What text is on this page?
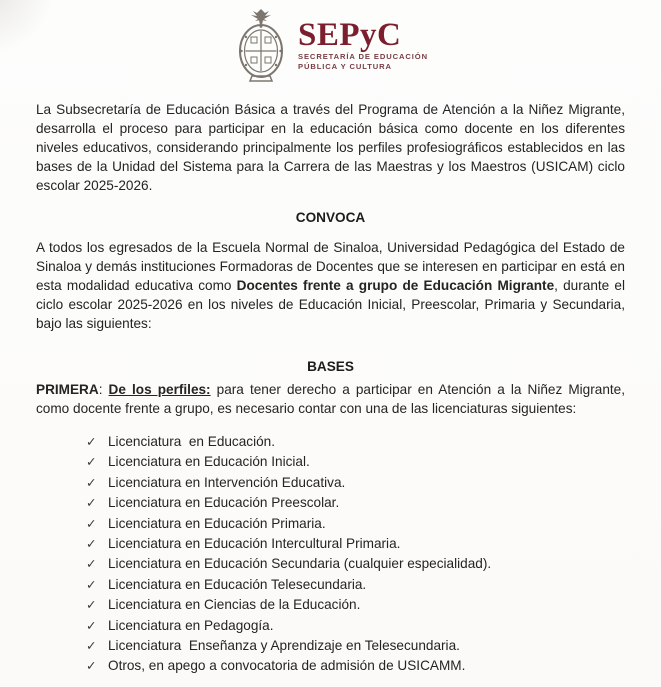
SEPyC
SECRETARÍA DE EDUCACIÓN
PÚBLICA Y CULTURA

La Subsecretaría de Educación Básica a través del Programa de Atención a la Niñez Migrante, desarrolla el proceso para participar en la educación básica como docente en los diferentes niveles educativos, considerando principalmente los perfiles profesiográficos establecidos en las bases de la Unidad del Sistema para la Carrera de las Maestras y los Maestros (USICAM) ciclo escolar 2025-2026.

CONVOCA

A todos los egresados de la Escuela Normal de Sinaloa, Universidad Pedagógica del Estado de Sinaloa y demás instituciones Formadoras de Docentes que se interesen en participar en está en esta modalidad educativa como Docentes frente a grupo de Educación Migrante, durante el ciclo escolar 2025-2026 en los niveles de Educación Inicial, Preescolar, Primaria y Secundaria, bajo las siguientes:

BASES

PRIMERA: De los perfiles: para tener derecho a participar en Atención a la Niñez Migrante, como docente frente a grupo, es necesario contar con una de las licenciaturas siguientes:

✓ Licenciatura  en Educación.
✓ Licenciatura en Educación Inicial.
✓ Licenciatura en Intervención Educativa.
✓ Licenciatura en Educación Preescolar.
✓ Licenciatura en Educación Primaria.
✓ Licenciatura en Educación Intercultural Primaria.
✓ Licenciatura en Educación Secundaria (cualquier especialidad).
✓ Licenciatura en Educación Telesecundaria.
✓ Licenciatura en Ciencias de la Educación.
✓ Licenciatura en Pedagogía.
✓ Licenciatura  Enseñanza y Aprendizaje en Telesecundaria.
✓ Otros, en apego a convocatoria de admisión de USICAMM.
